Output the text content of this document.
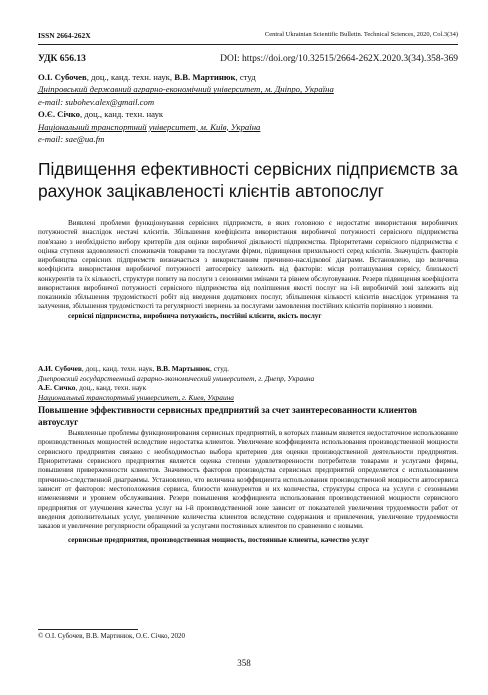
ISSN 2664-262X	Central Ukrainian Scientific Bulletin. Technical Sciences, 2020, Col.3(34)
УДК 656.13	DOI: https://doi.org/10.32515/2664-262X.2020.3(34).358-369
О.І. Субочев, доц., канд. техн. наук, В.В. Мартинюк, студ
Дніпровський державний аграрно-економічний університет, м. Дніпро, Україна
e-mail: subohev.alex@gmail.com
О.Є. Січко, доц., канд. техн. наук
Національний транспортний університет, м. Київ, Україна
e-mail: sae@ua.fm
Підвищення ефективності сервісних підприємств за рахунок зацікавленості клієнтів автопослуг

Виявлені проблеми функціонування сервісних підприємств, в яких головною є недостатнє використання виробничих потужностей внаслідок нестачі клієнтів. Збільшення коефіцієнта використання виробничої потужності сервісного підприємства пов'язано з необхідністю вибору критеріїв для оцінки виробничої діяльності підприємства. Пріоритетами сервісного підприємства є оцінка ступеня задоволеності споживачів товарами та послугами фірми, підвищення прихильності серед клієнтів. Значущість факторів виробництва сервісних підприємств визначається з використанням причинно-наслідкової діаграми. Встановлено, що величина коефіцієнта використання виробничої потужності автосервісу залежить від факторів: місця розташування сервісу, близькості конкурентів та їх кількості, структури попиту на послуги з сезонними змінами та рівнем обслуговування. Резерв підвищення коефіцієнта використання виробничої потужності сервісного підприємства від поліпшення якості послуг на і-й виробничій зоні залежить від показників збільшення трудомісткості робіт від введення додаткових послуг, збільшення кількості клієнтів внаслідок утримання та залучення, збільшення трудомісткості та регулярності звернень за послугами замовлення постійних клієнтів порівняно з новими.

сервісні підприємства, виробнича потужність, постійні клієнти, якість послуг

А.И. Субочев, доц., канд. техн. наук, В.В. Мартынюк, студ.
Днепровский государственный аграрно-экономический университет, г. Днепр, Украина
А.Е. Сичко, доц., канд. техн. наук
Национальный транспортный университет, г. Киев, Украина
Повышение эффективности сервисных предприятий за счет заинтересованности клиентов автоуслуг

Выявленные проблемы функционирования сервисных предприятий, в которых главным является недостаточное использование производственных мощностей вследствие недостатка клиентов. Увеличение коэффициента использования производственной мощности сервисного предприятия связано с необходимостью выбора критериев для оценки производственной деятельности предприятия. Приоритетами сервисного предприятия является оценка степени удовлетворенности потребителя товарами и услугами фирмы, повышения приверженности клиентов. Значимость факторов производства сервисных предприятий определяется с использованием причинно-следственной диаграммы. Установлено, что величина коэффициента использования производственной мощности автосервиса зависит от факторов: местоположения сервиса, близости конкурентов и их количества, структуры спроса на услуги с сезонными изменениями и уровнем обслуживания. Резерв повышения коэффициента использования производственной мощности сервисного предприятия от улучшения качества услуг на і-й производственной зоне зависит от показателей увеличения трудоемкости работ от введения дополнительных услуг, увеличение количества клиентов вследствие содержания и привлечения, увеличение трудоемкости заказов и увеличение регулярности обращений за услугами постоянных клиентов по сравнению с новыми.

сервисные предприятия, производственная мощность, постоянные клиенты, качество услуг

© О.І. Субочев, В.В. Мартинюк, О.Є. Січко, 2020
358
